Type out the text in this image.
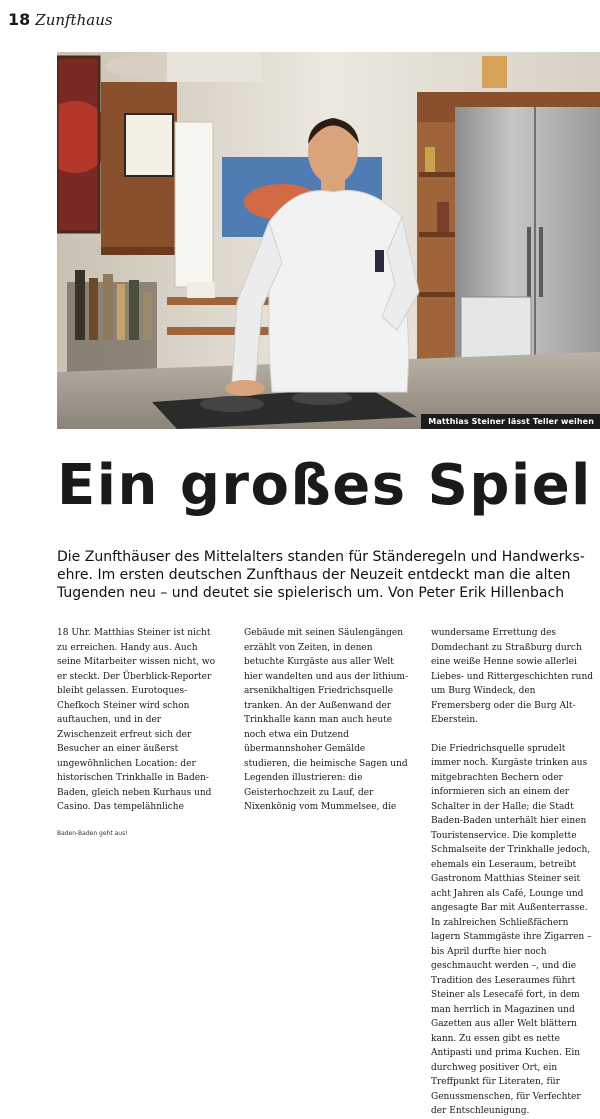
18 Zunfthaus
Matthias Steiner lässt Teller weihen
Ein großes Spiel

Die Zunfthäuser des Mittelalters standen für Ständeregeln und Handwerks-ehre. Im ersten deutschen Zunfthaus der Neuzeit entdeckt man die alten Tugenden neu – und deutet sie spielerisch um. Von Peter Erik Hillenbach

18 Uhr. Matthias Steiner ist nicht zu erreichen. Handy aus. Auch seine Mitarbeiter wissen nicht, wo er steckt. Der Überblick-Reporter bleibt gelassen. Eurotoques-Chefkoch Steiner wird schon auftauchen, und in der Zwischenzeit erfreut sich der Besucher an einer äußerst ungewöhnlichen Location: der historischen Trinkhalle in Baden-Baden, gleich neben Kurhaus und Casino. Das tempelähnliche

Gebäude mit seinen Säulengängen erzählt von Zeiten, in denen betuchte Kurgäste aus aller Welt hier wandelten und aus der lithium-arsenikhaltigen Friedrichsquelle tranken. An der Außenwand der Trinkhalle kann man auch heute noch etwa ein Dutzend übermannshoher Gemälde studieren, die heimische Sagen und Legenden illustrieren: die Geisterhochzeit zu Lauf, der Nixenkönig vom Mummelsee, die

wundersame Errettung des Domdechant zu Straßburg durch eine weiße Henne sowie allerlei Liebes- und Rittergeschichten rund um Burg Windeck, den Fremersberg oder die Burg Alt-Eberstein.

Die Friedrichsquelle sprudelt immer noch. Kurgäste trinken aus mitgebrachten Bechern oder informieren sich an einem der Schalter in der Halle; die Stadt Baden-Baden unterhält hier einen Touristenservice. Die komplette Schmalseite der Trinkhalle jedoch, ehemals ein Leseraum, betreibt Gastronom Matthias Steiner seit acht Jahren als Café, Lounge und angesagte Bar mit Außenterrasse. In zahlreichen Schließfächern lagern Stammgäste ihre Zigarren – bis April durfte hier noch geschmaucht werden –, und die Tradition des Leseraumes führt Steiner als Lesecafé fort, in dem man herrlich in Magazinen und Gazetten aus aller Welt blättern kann. Zu essen gibt es nette Antipasti und prima Kuchen. Ein durchweg positiver Ort, ein Treffpunkt für Literaten, für Genussmenschen, für Verfechter der Entschleunigung.

Baden-Baden geht aus!
